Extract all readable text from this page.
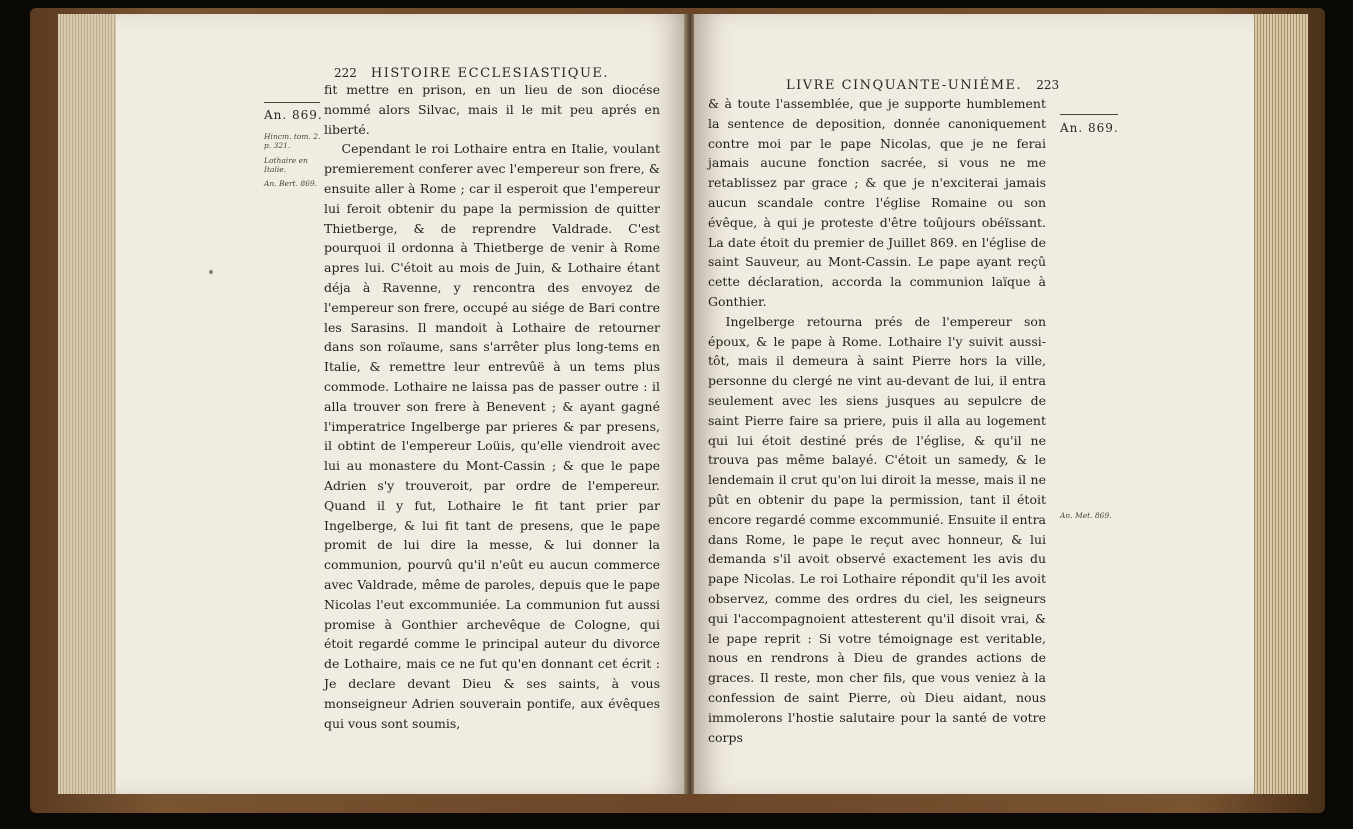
222 HISTOIRE ECCLESIASTIQUE.
An. 869.
Hincm. tom. 2. p. 321.
Lothaire en Italie.
An. Bert. 869.

fit mettre en prison, en un lieu de son diocése nommé alors Silvac, mais il le mit peu aprés en liberté.

Cependant le roi Lothaire entra en Italie, voulant premierement conferer avec l'empereur son frere, & ensuite aller à Rome ; car il esperoit que l'empereur lui feroit obtenir du pape la permission de quitter Thietberge, & de reprendre Valdrade. C'est pourquoi il ordonna à Thietberge de venir à Rome apres lui. C'étoit au mois de Juin, & Lothaire étant déja à Ravenne, y rencontra des envoyez de l'empereur son frere, occupé au siége de Bari contre les Sarasins. Il mandoit à Lothaire de retourner dans son roïaume, sans s'arrêter plus long-tems en Italie, & remettre leur entrevûë à un tems plus commode. Lothaire ne laissa pas de passer outre : il alla trouver son frere à Benevent ; & ayant gagné l'imperatrice Ingelberge par prieres & par presens, il obtint de l'empereur Loüis, qu'elle viendroit avec lui au monastere du Mont-Cassin ; & que le pape Adrien s'y trouveroit, par ordre de l'empereur. Quand il y fut, Lothaire le fit tant prier par Ingelberge, & lui fit tant de presens, que le pape promit de lui dire la messe, & lui donner la communion, pourvû qu'il n'eût eu aucun commerce avec Valdrade, même de paroles, depuis que le pape Nicolas l'eut excommuniée. La communion fut aussi promise à Gonthier archevêque de Cologne, qui étoit regardé comme le principal auteur du divorce de Lothaire, mais ce ne fut qu'en donnant cet écrit : Je declare devant Dieu & ses saints, à vous monseigneur Adrien souverain pontife, aux évêques qui vous sont soumis,

LIVRE CINQUANTE-UNIÉME. 223
An. 869.
An. Met. 869.

& à toute l'assemblée, que je supporte humblement la sentence de deposition, donnée canoniquement contre moi par le pape Nicolas, que je ne ferai jamais aucune fonction sacrée, si vous ne me retablissez par grace ; & que je n'exciterai jamais aucun scandale contre l'église Romaine ou son évêque, à qui je proteste d'être toûjours obéïssant. La date étoit du premier de Juillet 869. en l'église de saint Sauveur, au Mont-Cassin. Le pape ayant reçû cette déclaration, accorda la communion laïque à Gonthier.

Ingelberge retourna prés de l'empereur son époux, & le pape à Rome. Lothaire l'y suivit aussi-tôt, mais il demeura à saint Pierre hors la ville, personne du clergé ne vint au-devant de lui, il entra seulement avec les siens jusques au sepulcre de saint Pierre faire sa priere, puis il alla au logement qui lui étoit destiné prés de l'église, & qu'il ne trouva pas même balayé. C'étoit un samedy, & le lendemain il crut qu'on lui diroit la messe, mais il ne pût en obtenir du pape la permission, tant il étoit encore regardé comme excommunié. Ensuite il entra dans Rome, le pape le reçut avec honneur, & lui demanda s'il avoit observé exactement les avis du pape Nicolas. Le roi Lothaire répondit qu'il les avoit observez, comme des ordres du ciel, les seigneurs qui l'accompagnoient attesterent qu'il disoit vrai, & le pape reprit : Si votre témoignage est veritable, nous en rendrons à Dieu de grandes actions de graces. Il reste, mon cher fils, que vous veniez à la confession de saint Pierre, où Dieu aidant, nous immolerons l'hostie salutaire pour la santé de votre corps
